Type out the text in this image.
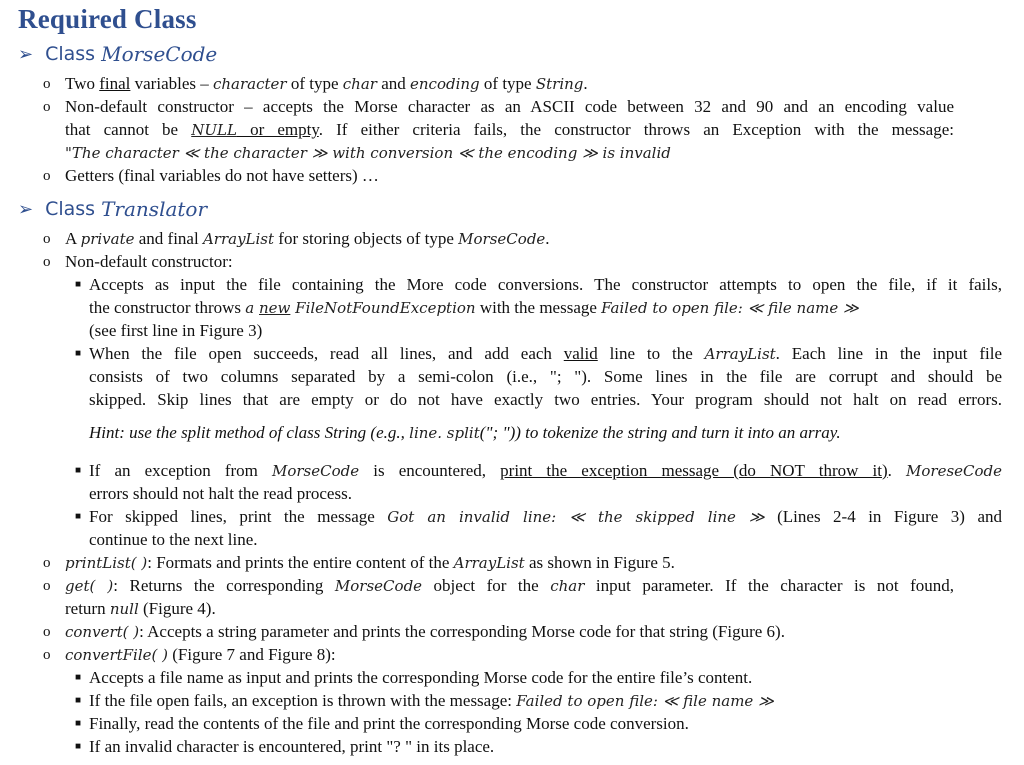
Required Class
➢ Class MorseCode
o Two final variables – character of type char and encoding of type String.
o Non-default constructor – accepts the Morse character as an ASCII code between 32 and 90 and an encoding value
that cannot be NULL or empty. If either criteria fails, the constructor throws an Exception with the message:
"The character ≪ the character ≫ with conversion ≪ the encoding ≫ is invalid
o Getters (final variables do not have setters) …
➢ Class Translator
o A private and final ArrayList for storing objects of type MorseCode.
o Non-default constructor:
■ Accepts as input the file containing the More code conversions. The constructor attempts to open the file, if it fails,
the constructor throws a new FileNotFoundException with the message Failed to open file: ≪ file name ≫
(see first line in Figure 3)
■ When the file open succeeds, read all lines, and add each valid line to the ArrayList. Each line in the input file
consists of two columns separated by a semi-colon (i.e., "; "). Some lines in the file are corrupt and should be
skipped. Skip lines that are empty or do not have exactly two entries. Your program should not halt on read errors.
Hint: use the split method of class String (e.g., line. split("; ")) to tokenize the string and turn it into an array.
■ If an exception from MorseCode is encountered, print the exception message (do NOT throw it). MoreseCode
errors should not halt the read process.
■ For skipped lines, print the message Got an invalid line: ≪ the skipped line ≫ (Lines 2-4 in Figure 3) and
continue to the next line.
o printList( ): Formats and prints the entire content of the ArrayList as shown in Figure 5.
o get( ): Returns the corresponding MorseCode object for the char input parameter. If the character is not found,
return null (Figure 4).
o convert( ): Accepts a string parameter and prints the corresponding Morse code for that string (Figure 6).
o convertFile( ) (Figure 7 and Figure 8):
■ Accepts a file name as input and prints the corresponding Morse code for the entire file’s content.
■ If the file open fails, an exception is thrown with the message: Failed to open file: ≪ file name ≫
■ Finally, read the contents of the file and print the corresponding Morse code conversion.
■ If an invalid character is encountered, print "? " in its place.
